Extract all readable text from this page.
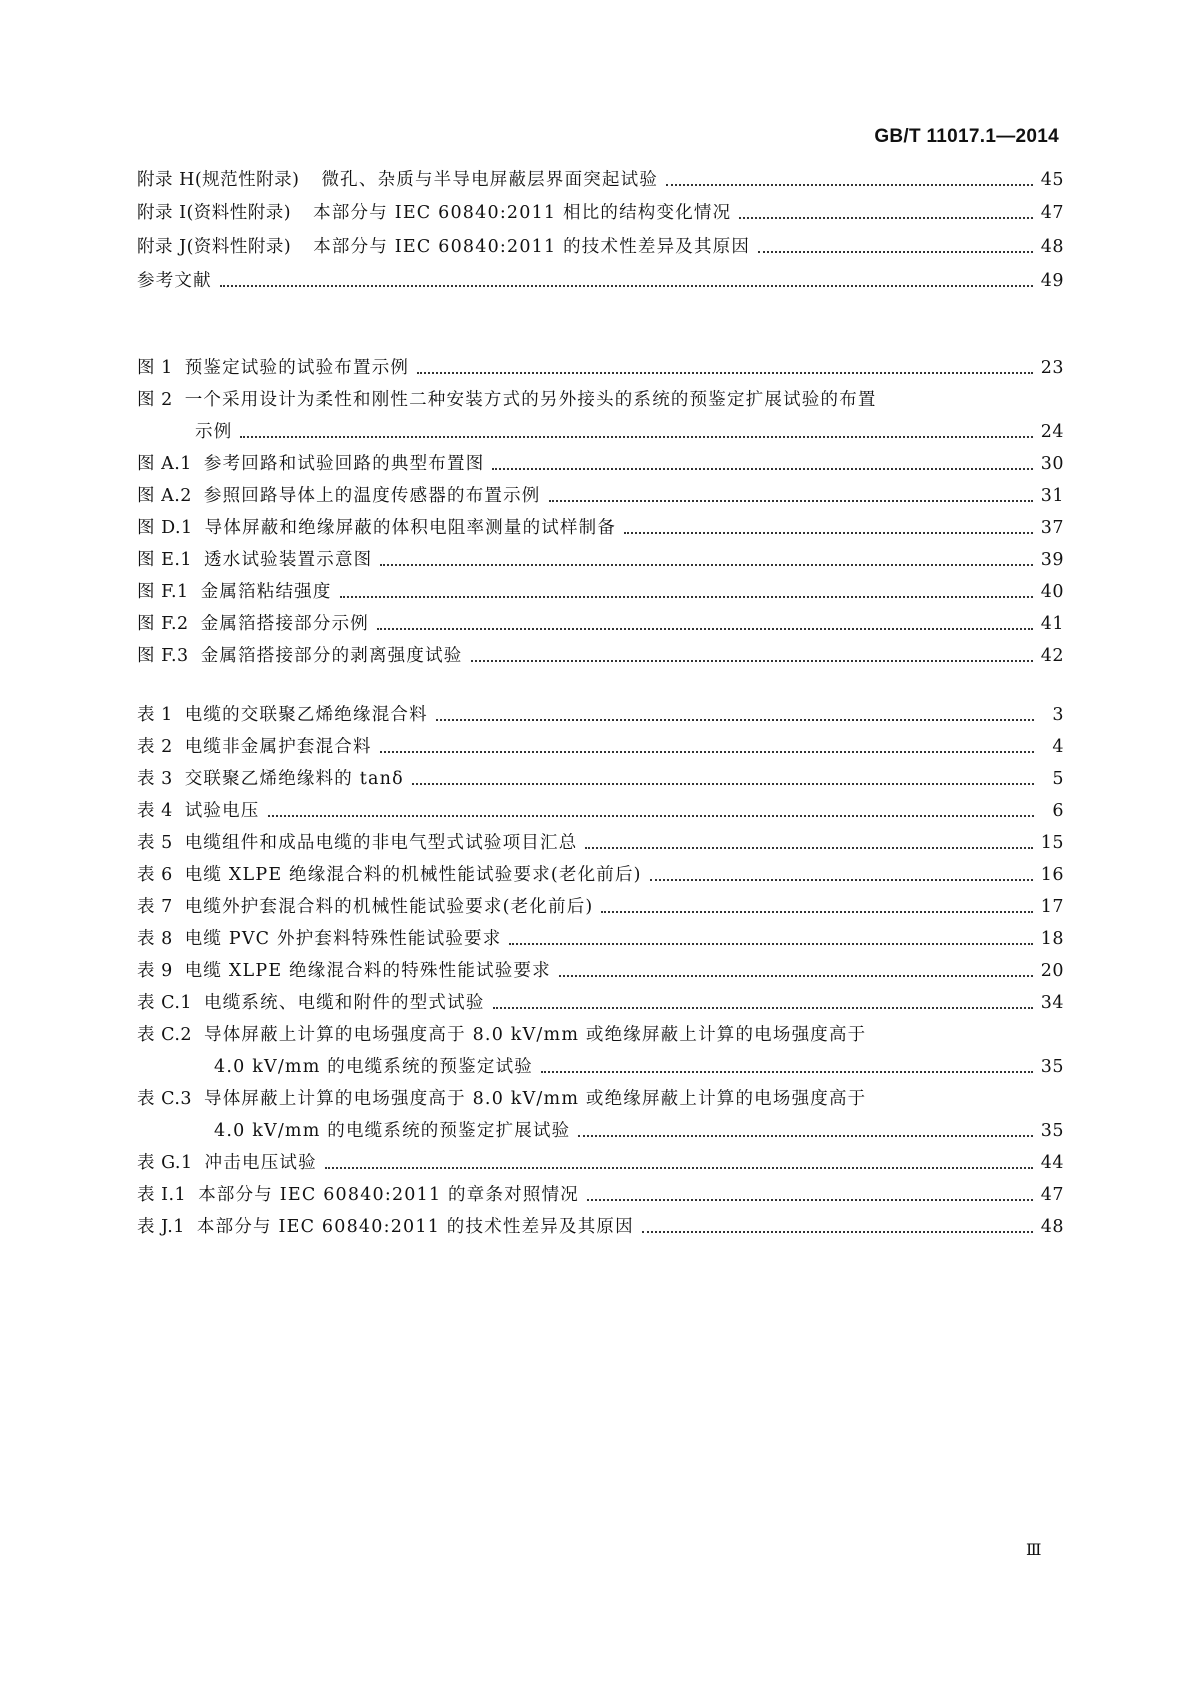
GB/T 11017.1—2014
附录 H(规范性附录)	微孔、杂质与半导电屏蔽层界面突起试验	45
附录 I(资料性附录)	本部分与 IEC 60840:2011 相比的结构变化情况	47
附录 J(资料性附录)	本部分与 IEC 60840:2011 的技术性差异及其原因	48
参考文献	49
图 1 预鉴定试验的试验布置示例	23
图 2 一个采用设计为柔性和刚性二种安装方式的另外接头的系统的预鉴定扩展试验的布置
示例	24
图 A.1 参考回路和试验回路的典型布置图	30
图 A.2 参照回路导体上的温度传感器的布置示例	31
图 D.1 导体屏蔽和绝缘屏蔽的体积电阻率测量的试样制备	37
图 E.1 透水试验装置示意图	39
图 F.1 金属箔粘结强度	40
图 F.2 金属箔搭接部分示例	41
图 F.3 金属箔搭接部分的剥离强度试验	42
表 1 电缆的交联聚乙烯绝缘混合料	3
表 2 电缆非金属护套混合料	4
表 3 交联聚乙烯绝缘料的 tanδ	5
表 4 试验电压	6
表 5 电缆组件和成品电缆的非电气型式试验项目汇总	15
表 6 电缆 XLPE 绝缘混合料的机械性能试验要求(老化前后)	16
表 7 电缆外护套混合料的机械性能试验要求(老化前后)	17
表 8 电缆 PVC 外护套料特殊性能试验要求	18
表 9 电缆 XLPE 绝缘混合料的特殊性能试验要求	20
表 C.1 电缆系统、电缆和附件的型式试验	34
表 C.2 导体屏蔽上计算的电场强度高于 8.0 kV/mm 或绝缘屏蔽上计算的电场强度高于
4.0 kV/mm 的电缆系统的预鉴定试验	35
表 C.3 导体屏蔽上计算的电场强度高于 8.0 kV/mm 或绝缘屏蔽上计算的电场强度高于
4.0 kV/mm 的电缆系统的预鉴定扩展试验	35
表 G.1 冲击电压试验	44
表 I.1 本部分与 IEC 60840:2011 的章条对照情况	47
表 J.1 本部分与 IEC 60840:2011 的技术性差异及其原因	48
Ⅲ
